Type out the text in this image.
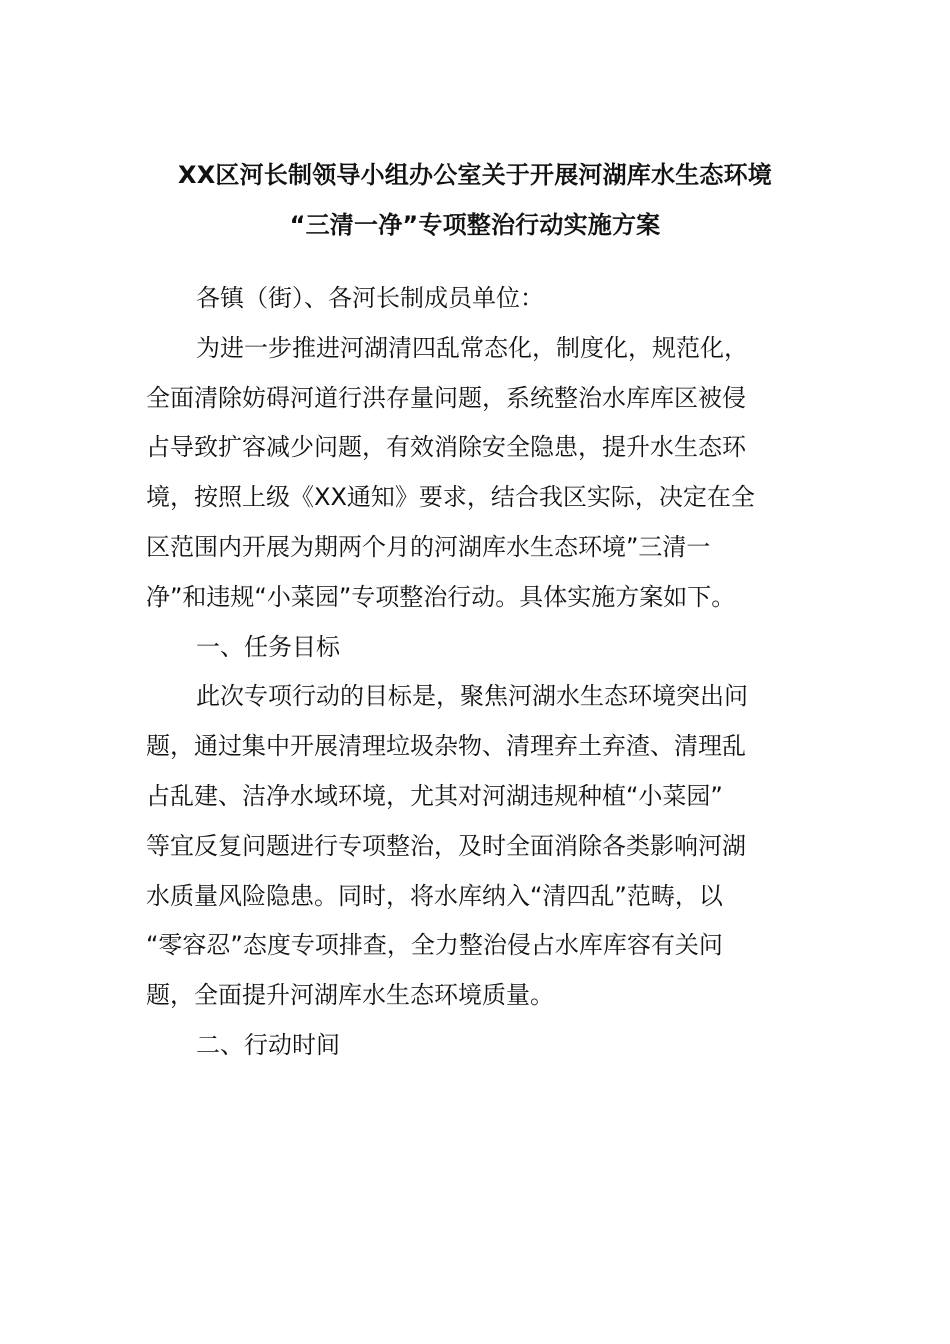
XX区河长制领导小组办公室关于开展河湖库水生态环境
“三清一净”专项整治行动实施方案
各镇（街）、各河长制成员单位：
为进一步推进河湖清四乱常态化，制度化，规范化，
全面清除妨碍河道行洪存量问题，系统整治水库库区被侵
占导致扩容减少问题，有效消除安全隐患，提升水生态环
境，按照上级《XX通知》要求，结合我区实际，决定在全
区范围内开展为期两个月的河湖库水生态环境”三清一
净”和违规“小菜园”专项整治行动。具体实施方案如下。
一、任务目标
此次专项行动的目标是，聚焦河湖水生态环境突出问
题，通过集中开展清理垃圾杂物、清理弃土弃渣、清理乱
占乱建、洁净水域环境，尤其对河湖违规种植“小菜园”
等宜反复问题进行专项整治，及时全面消除各类影响河湖
水质量风险隐患。同时，将水库纳入“清四乱”范畴，以
“零容忍”态度专项排查，全力整治侵占水库库容有关问
题，全面提升河湖库水生态环境质量。
二、行动时间
